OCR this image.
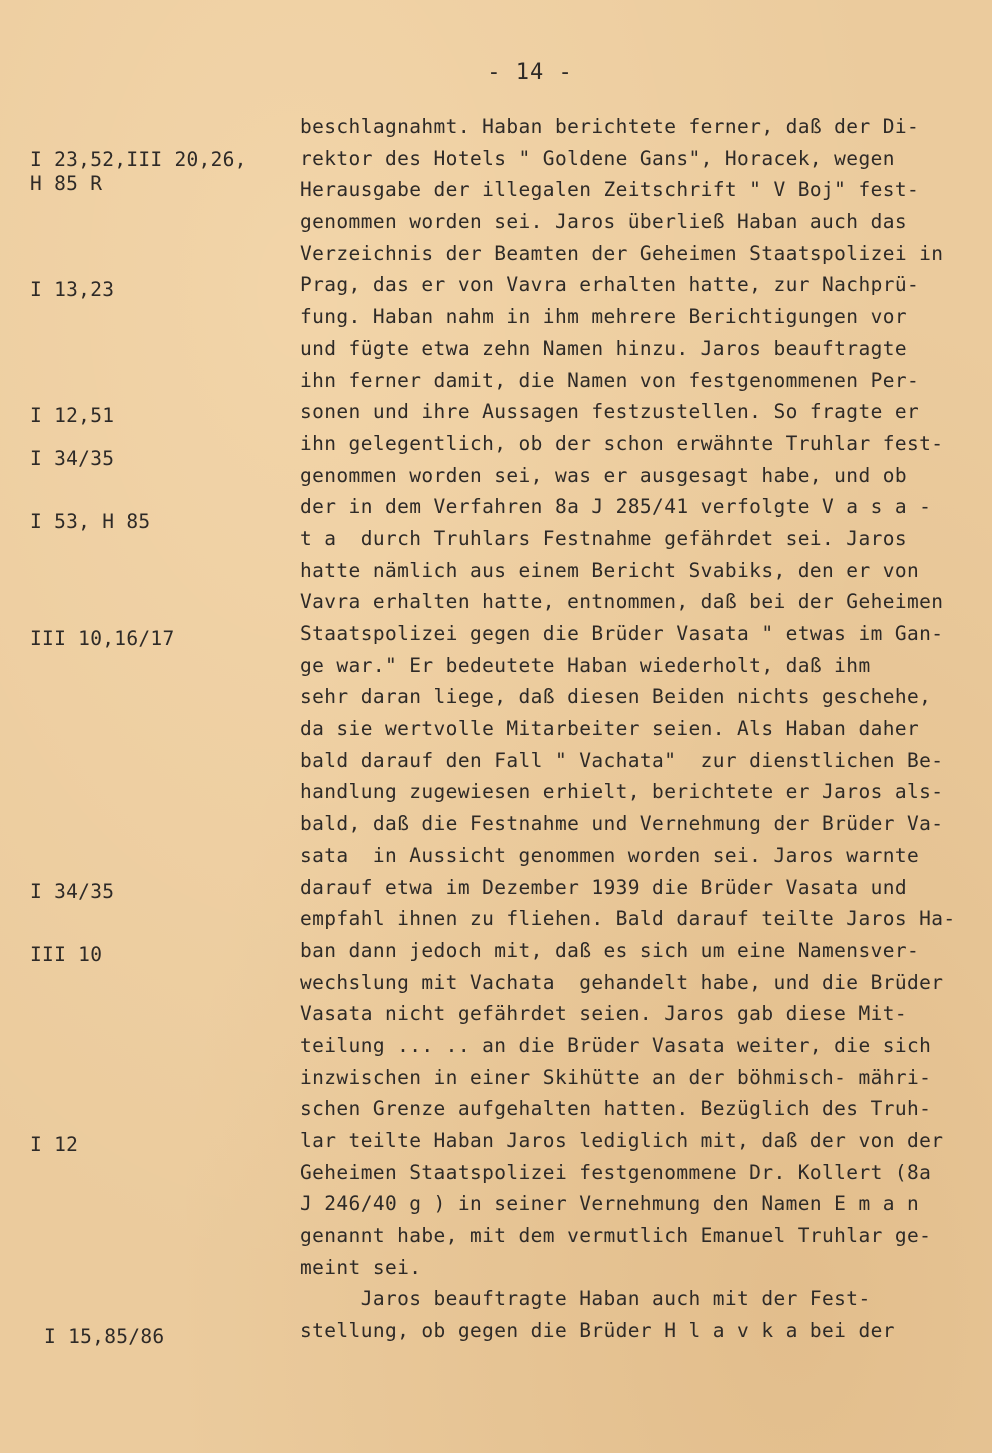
- 14 -
I 23,52,III 20,26,
H 85 R
I 13,23
I 12,51
I 34/35
I 53, H 85
III 10,16/17
I 34/35
III 10
I 12
I 15,85/86
beschlagnahmt. Haban berichtete ferner, daß der Di-
rektor des Hotels " Goldene Gans", Horacek, wegen
Herausgabe der illegalen Zeitschrift " V Boj" fest-
genommen worden sei. Jaros überließ Haban auch das
Verzeichnis der Beamten der Geheimen Staatspolizei in
Prag, das er von Vavra erhalten hatte, zur Nachprü-
fung. Haban nahm in ihm mehrere Berichtigungen vor
und fügte etwa zehn Namen hinzu. Jaros beauftragte
ihn ferner damit, die Namen von festgenommenen Per-
sonen und ihre Aussagen festzustellen. So fragte er
ihn gelegentlich, ob der schon erwähnte Truhlar fest-
genommen worden sei, was er ausgesagt habe, und ob
der in dem Verfahren 8a J 285/41 verfolgte V a s a -
t a  durch Truhlars Festnahme gefährdet sei. Jaros
hatte nämlich aus einem Bericht Svabiks, den er von
Vavra erhalten hatte, entnommen, daß bei der Geheimen
Staatspolizei gegen die Brüder Vasata " etwas im Gan-
ge war." Er bedeutete Haban wiederholt, daß ihm
sehr daran liege, daß diesen Beiden nichts geschehe,
da sie wertvolle Mitarbeiter seien. Als Haban daher
bald darauf den Fall " Vachata"  zur dienstlichen Be-
handlung zugewiesen erhielt, berichtete er Jaros als-
bald, daß die Festnahme und Vernehmung der Brüder Va-
sata  in Aussicht genommen worden sei. Jaros warnte
darauf etwa im Dezember 1939 die Brüder Vasata und
empfahl ihnen zu fliehen. Bald darauf teilte Jaros Ha-
ban dann jedoch mit, daß es sich um eine Namensver-
wechslung mit Vachata  gehandelt habe, und die Brüder
Vasata nicht gefährdet seien. Jaros gab diese Mit-
teilung ... .. an die Brüder Vasata weiter, die sich
inzwischen in einer Skihütte an der böhmisch- mähri-
schen Grenze aufgehalten hatten. Bezüglich des Truh-
lar teilte Haban Jaros lediglich mit, daß der von der
Geheimen Staatspolizei festgenommene Dr. Kollert (8a
J 246/40 g ) in seiner Vernehmung den Namen E m a n
genannt habe, mit dem vermutlich Emanuel Truhlar ge-
meint sei.
Jaros beauftragte Haban auch mit der Fest-
stellung, ob gegen die Brüder H l a v k a bei der
